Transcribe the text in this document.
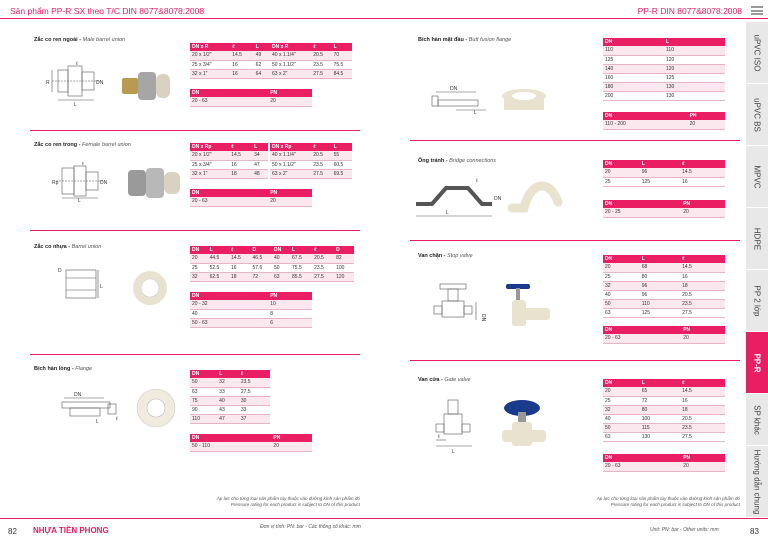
Sản phẩm PP-R SX theo T/C DIN 8077&8078:2008	PP-R DIN 8077&8078:2008
uPVC ISO
uPVC BS
MPVC
HDPE
PP 2 lớp
PP-R
SP khác
Hướng dẫn chung
Zắc co ren ngoài - Male barrel union
R
ℓ
DN
L
DN x R	ℓ	L
20 x 1/2"	14.5	49
25 x 3/4"	16	62
32 x 1"	16	64
DN x R	ℓ	L
40 x 1.1/4"	20.5	70
50 x 1.1/2"	23.5	75.5
63 x 2"	27.5	84.5
DN	PN
20 - 63	20
Zắc co ren trong - Female barrel union
Rp
ℓ
DN
L
DN x Rp	ℓ	L
20 x 1/2"	14.5	34
25 x 3/4"	16	47
32 x 1"	18	48
DN x Rp	ℓ	L
40 x 1.1/4"	20.5	55
50 x 1.1/2"	23.5	60.5
63 x 2"	27.5	69.5
DN	PN
20 - 63	20
Zắc co nhựa - Barrel union
D
L
DN	L	ℓ	D
20	44.5	14.5	46.5
25	52.5	16	57.6
32	62.5	18	72
DN	L	ℓ	D
40	67.5	20.5	82
50	75.5	23.5	100
63	85.5	27.5	120
DN	PN
20 - 32	10
40	8
50 - 63	6
Bích hàn lồng - Flange
DN
ℓ
L
DN	L	ℓ
50	32	23.5
63	33	27.5
75	40	30
90	43	33
110	47	37
DN	PN
50 - 110	20
Áp lực cho từng loại sản phẩm tùy thuộc vào đường kính sản phẩm đó
Pressure rating for each product is subject to DN of this product
Bích hàn mặt đầu - Butt fusion flange
DN
L
DN	L
110	110
125	120
140	120
160	125
180	130
200	130
DN	PN
110 - 200	20
Ống tránh - Bridge connections
ℓ
DN
L
DN	L	ℓ
20	96	14.5
25	125	16
DN	PN
20 - 25	20
Van chặn - Stop valve
DN
DN	L	ℓ
20	68	14.5
25	80	16
32	96	18
40	96	20.5
50	110	23.5
63	125	27.5
DN	PN
20 - 63	20
Van cửa - Gate valve
ℓ
L
DN	L	ℓ
20	65	14.5
25	72	16
32	80	18
40	100	20.5
50	115	23.5
63	130	27.5
DN	PN
20 - 63	20
Áp lực cho từng loại sản phẩm tùy thuộc vào đường kính sản phẩm đó
Pressure rating for each product is subject to DN of this product
82 NHỰA TIỀN PHONG	Đơn vị tính: PN: bar - Các thông số khác: mm	Unit: PN: bar - Other units: mm	83
